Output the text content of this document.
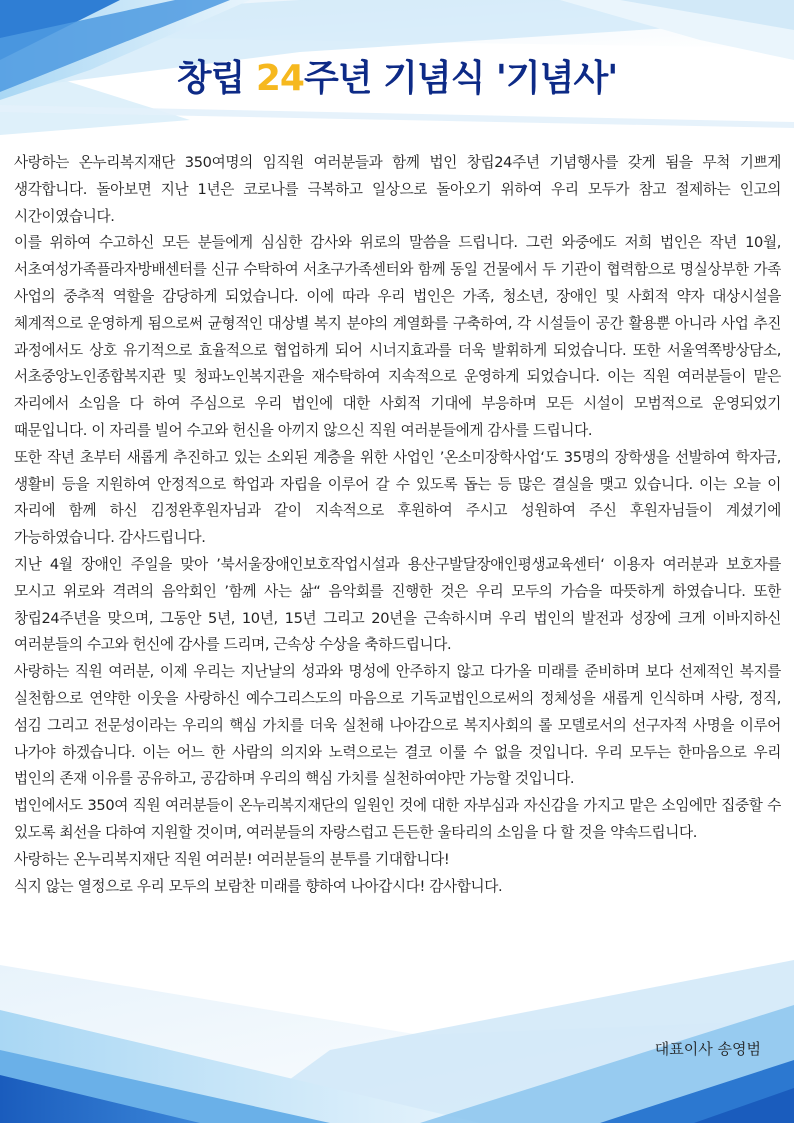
창립 24주년 기념식 '기념사'

사랑하는 온누리복지재단 350여명의 임직원 여러분들과 함께 법인 창립24주년 기념행사를 갖게 됨을 무척 기쁘게 생각합니다. 돌아보면 지난 1년은 코로나를 극복하고 일상으로 돌아오기 위하여 우리 모두가 참고 절제하는 인고의 시간이였습니다.

이를 위하여 수고하신 모든 분들에게 심심한 감사와 위로의 말씀을 드립니다. 그런 와중에도 저희 법인은 작년 10월, 서초여성가족플라자방배센터를 신규 수탁하여 서초구가족센터와 함께 동일 건물에서 두 기관이 협력함으로 명실상부한 가족 사업의 중추적 역할을 감당하게 되었습니다. 이에 따라 우리 법인은 가족, 청소년, 장애인 및 사회적 약자 대상시설을 체계적으로 운영하게 됨으로써 균형적인 대상별 복지 분야의 계열화를 구축하여, 각 시설들이 공간 활용뿐 아니라 사업 추진 과정에서도 상호 유기적으로 효율적으로 협업하게 되어 시너지효과를 더욱 발휘하게 되었습니다. 또한 서울역쪽방상담소, 서초중앙노인종합복지관 및 청파노인복지관을 재수탁하여 지속적으로 운영하게 되었습니다. 이는 직원 여러분들이 맡은 자리에서 소임을 다 하여 주심으로 우리 법인에 대한 사회적 기대에 부응하며 모든 시설이 모범적으로 운영되었기 때문입니다. 이 자리를 빌어 수고와 헌신을 아끼지 않으신 직원 여러분들에게 감사를 드립니다.

또한 작년 초부터 새롭게 추진하고 있는 소외된 계층을 위한 사업인 ’온소미장학사업‘도 35명의 장학생을 선발하여 학자금, 생활비 등을 지원하여 안정적으로 학업과 자립을 이루어 갈 수 있도록 돕는 등 많은 결실을 맺고 있습니다. 이는 오늘 이 자리에 함께 하신 김정완후원자님과 같이 지속적으로 후원하여 주시고 성원하여 주신 후원자님들이 계셨기에 가능하였습니다. 감사드립니다.

지난 4월 장애인 주일을 맞아 ’북서울장애인보호작업시설과 용산구발달장애인평생교육센터‘ 이용자 여러분과 보호자를 모시고 위로와 격려의 음악회인 ’함께 사는 삶“ 음악회를 진행한 것은 우리 모두의 가슴을 따뜻하게 하였습니다. 또한 창립24주년을 맞으며, 그동안 5년, 10년, 15년 그리고 20년을 근속하시며 우리 법인의 발전과 성장에 크게 이바지하신 여러분들의 수고와 헌신에 감사를 드리며, 근속상 수상을 축하드립니다.

사랑하는 직원 여러분, 이제 우리는 지난날의 성과와 명성에 안주하지 않고 다가올 미래를 준비하며 보다 선제적인 복지를 실천함으로 연약한 이웃을 사랑하신 예수그리스도의 마음으로 기독교법인으로써의 정체성을 새롭게 인식하며 사랑, 정직, 섬김 그리고 전문성이라는 우리의 핵심 가치를 더욱 실천해 나아감으로 복지사회의 롤 모델로서의 선구자적 사명을 이루어 나가야 하겠습니다. 이는 어느 한 사람의 의지와 노력으로는 결코 이룰 수 없을 것입니다. 우리 모두는 한마음으로 우리 법인의 존재 이유를 공유하고, 공감하며 우리의 핵심 가치를 실천하여야만 가능할 것입니다.

법인에서도 350여 직원 여러분들이 온누리복지재단의 일원인 것에 대한 자부심과 자신감을 가지고 맡은 소임에만 집중할 수 있도록 최선을 다하여 지원할 것이며, 여러분들의 자랑스럽고 든든한 울타리의 소임을 다 할 것을 약속드립니다.

사랑하는 온누리복지재단 직원 여러분! 여러분들의 분투를 기대합니다!

식지 않는 열정으로 우리 모두의 보람찬 미래를 향하여 나아갑시다! 감사합니다.

대표이사 송영범
